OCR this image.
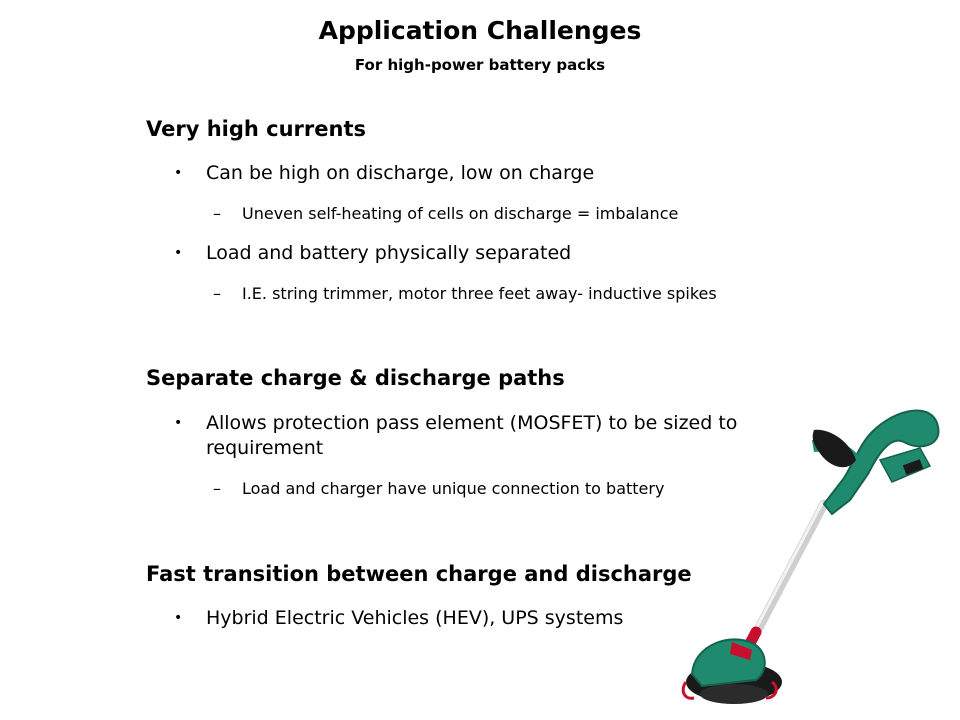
Application Challenges
For high-power battery packs
Very high currents
• Can be high on discharge, low on charge
– Uneven self-heating of cells on discharge = imbalance
• Load and battery physically separated
– I.E. string trimmer, motor three feet away- inductive spikes
Separate charge & discharge paths
• Allows protection pass element (MOSFET) to be sized to requirement
– Load and charger have unique connection to battery
Fast transition between charge and discharge
• Hybrid Electric Vehicles (HEV), UPS systems
